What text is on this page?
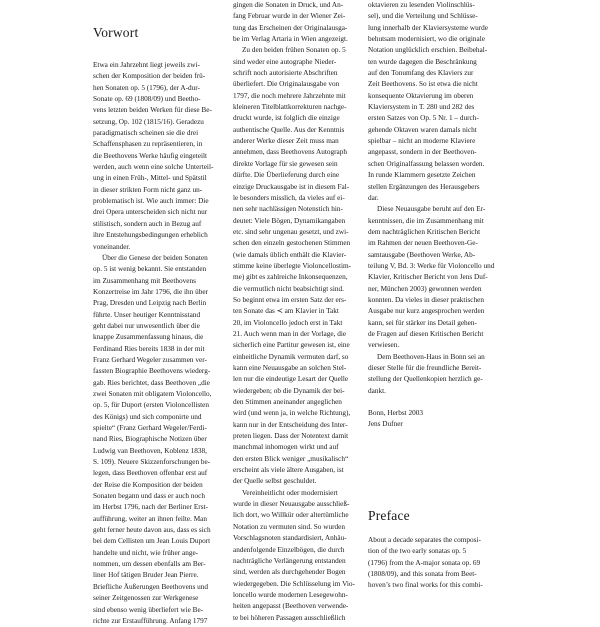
Vorwort
Etwa ein Jahrzehnt liegt jeweils zwi-
schen der Komposition der beiden frü-
hen Sonaten op. 5 (1796), der A-dur-
Sonate op. 69 (1808/09) und Beetho-
vens letzten beiden Werken für diese Be-
setzung, Op. 102 (1815/16). Geradezu
paradigmatisch scheinen sie die drei
Schaffensphasen zu repräsentieren, in
die Beethovens Werke häufig eingeteilt
werden, auch wenn eine solche Unterteil-
ung in einen Früh-, Mittel- und Spätstil
in dieser strikten Form nicht ganz un-
problematisch ist. Wie auch immer: Die
drei Opera unterscheiden sich nicht nur
stilistisch, sondern auch in Bezug auf
ihre Entstehungsbedingungen erheblich
voneinander.
Über die Genese der beiden Sonaten
op. 5 ist wenig bekannt. Sie entstanden
im Zusammenhang mit Beethovens
Konzertreise im Jahr 1796, die ihn über
Prag, Dresden und Leipzig nach Berlin
führte. Unser heutiger Kenntnisstand
geht dabei nur unwesentlich über die
knappe Zusammenfassung hinaus, die
Ferdinand Ries bereits 1838 in der mit
Franz Gerhard Wegeler zusammen ver-
fassten Biographie Beethovens wiederg-
gab. Ries berichtet, dass Beethoven „die
zwei Sonaten mit obligatem Violoncello,
op. 5, für Duport (ersten Violoncellisten
des Königs) und sich componirte und
spielte“ (Franz Gerhard Wegeler/Ferdi-
nand Ries, Biographische Notizen über
Ludwig van Beethoven, Koblenz 1838,
S. 109). Neuere Skizzenforschungen be-
legen, dass Beethoven offenbar erst auf
der Reise die Komposition der beiden
Sonaten begann und dass er auch noch
im Herbst 1796, nach der Berliner Erst-
aufführung, weiter an ihnen feilte. Man
geht ferner heute davon aus, dass es sich
bei dem Cellisten um Jean Louis Duport
handelte und nicht, wie früher ange-
nommen, um dessen ebenfalls am Ber-
liner Hof tätigen Bruder Jean Pierre.
Briefliche Äußerungen Beethovens und
seiner Zeitgenossen zur Werkgenese
sind ebenso wenig überliefert wie Be-
richte zur Erstaufführung. Anfang 1797
gingen die Sonaten in Druck, und An-
fang Februar wurde in der Wiener Zei-
tung das Erscheinen der Originalausga-
be im Verlag Artaria in Wien angezeigt.
Zu den beiden frühen Sonaten op. 5
sind weder eine autographe Nieder-
schrift noch autorisierte Abschriften
überliefert. Die Originalausgabe von
1797, die noch mehrere Jahrzehnte mit
kleineren Titelblattkorrekturen nachge-
druckt wurde, ist folglich die einzige
authentische Quelle. Aus der Kenntnis
anderer Werke dieser Zeit muss man
annehmen, dass Beethovens Autograph
direkte Vorlage für sie gewesen sein
dürfte. Die Überlieferung durch eine
einzige Druckausgabe ist in diesem Fal-
le besonders misslich, da vieles auf ei-
nen sehr nachlässigen Notenstich hin-
deutet: Viele Bögen, Dynamikangaben
etc. sind sehr ungenau gesetzt, und zwi-
schen den einzeln gestochenen Stimmen
(wie damals üblich enthält die Klavier-
stimme keine überlegte Violoncellostim-
me) gibt es zahlreiche Inkonsequenzen,
die vermutlich nicht beabsichtigt sind.
So beginnt etwa im ersten Satz der ers-
ten Sonate das ≺ am Klavier in Takt
20, im Violoncello jedoch erst in Takt
21. Auch wenn man in der Vorlage, die
sicherlich eine Partitur gewesen ist, eine
einheitliche Dynamik vermuten darf, so
kann eine Neuausgabe an solchen Stel-
len nur die eindeutige Lesart der Quelle
wiedergeben; ob die Dynamik der bei-
den Stimmen aneinander angeglichen
wird (und wenn ja, in welche Richtung),
kann nur in der Entscheidung des Inter-
preten liegen. Dass der Notentext damit
manchmal inhomogen wirkt und auf
den ersten Blick weniger „musikalisch“
erscheint als viele ältere Ausgaben, ist
der Quelle selbst geschuldet.
Vereinheitlicht oder modernisiert
wurde in dieser Neuausgabe ausschließ-
lich dort, wo Willkür oder altertümliche
Notation zu vermuten sind. So wurden
Vorschlagsnoten standardisiert, Anhäu-
andenfolgende Einzelbögen, die durch
nachträgliche Verlängerung entstanden
sind, werden als durchgehender Bogen
wiedergegeben. Die Schlüsselung im Vio-
loncello wurde modernen Lesegewohn-
heiten angepasst (Beethoven verwende-
te bei höheren Passagen ausschließlich
oktavieren zu lesenden Violinschlüs-
sel), und die Verteilung und Schlüsse-
lung innerhalb der Klaviersysteme wurde
behutsam modernisiert, wo die originale
Notation unglücklich erschien. Beibehal-
ten wurde dagegen die Beschränkung
auf den Tonumfang des Klaviers zur
Zeit Beethovens. So ist etwa die nicht
konsequente Oktavierung im oberen
Klaviersystem in T. 280 und 282 des
ersten Satzes von Op. 5 Nr. 1 – durch-
gehende Oktaven waren damals nicht
spielbar – nicht an moderne Klaviere
angepasst, sondern in der Beethoven-
schen Originalfassung belassen worden.
In runde Klammern gesetzte Zeichen
stellen Ergänzungen des Herausgebers
dar.
Diese Neuausgabe beruht auf den Er-
kenntnissen, die im Zusammenhang mit
dem nachträglichen Kritischen Bericht
im Rahmen der neuen Beethoven-Ge-
samtausgabe (Beethoven Werke, Ab-
teilung V, Bd. 3: Werke für Violoncello und
Klavier, Kritischer Bericht von Jens Duf-
ner, München 2003) gewonnen werden
konnten. Da vieles in dieser praktischen
Ausgabe nur kurz angesprochen werden
kann, sei für stärker ins Detail gehen-
de Fragen auf diesen Kritischen Bericht
verwiesen.
Dem Beethoven-Haus in Bonn sei an
dieser Stelle für die freundliche Bereit-
stellung der Quellenkopien herzlich ge-
dankt.
Bonn, Herbst 2003
Jens Dufner
Preface
About a decade separates the composi-
tion of the two early sonatas op. 5
(1796) from the A-major sonata op. 69
(1808/09), and this sonata from Beet-
hoven’s two final works for this combi-
